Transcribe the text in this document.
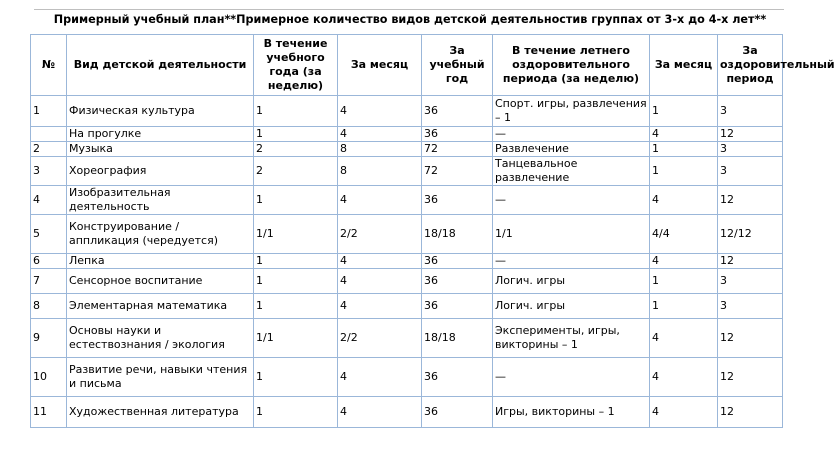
Примерный учебный план**Примерное количество видов детской деятельностив группах от 3-х до 4-х лет**
№	Вид детской деятельности	В течение учебного года (за неделю)	За месяц	За учебный год	В течение летнего оздоровительного периода (за неделю)	За месяц	За оздоровительный период
1	Физическая культура	1	4	36	Спорт. игры, развлечения – 1	1	3
	На прогулке	1	4	36	—	4	12
2	Музыка	2	8	72	Развлечение	1	3
3	Хореография	2	8	72	Танцевальное развлечение	1	3
4	Изобразительная деятельность	1	4	36	—	4	12
5	Конструирование / аппликация (чередуется)	1/1	2/2	18/18	1/1	4/4	12/12
6	Лепка	1	4	36	—	4	12
7	Сенсорное воспитание	1	4	36	Логич. игры	1	3
8	Элементарная математика	1	4	36	Логич. игры	1	3
9	Основы науки и естествознания / экология	1/1	2/2	18/18	Эксперименты, игры, викторины – 1	4	12
10	Развитие речи, навыки чтения и письма	1	4	36	—	4	12
11	Художественная литература	1	4	36	Игры, викторины – 1	4	12
